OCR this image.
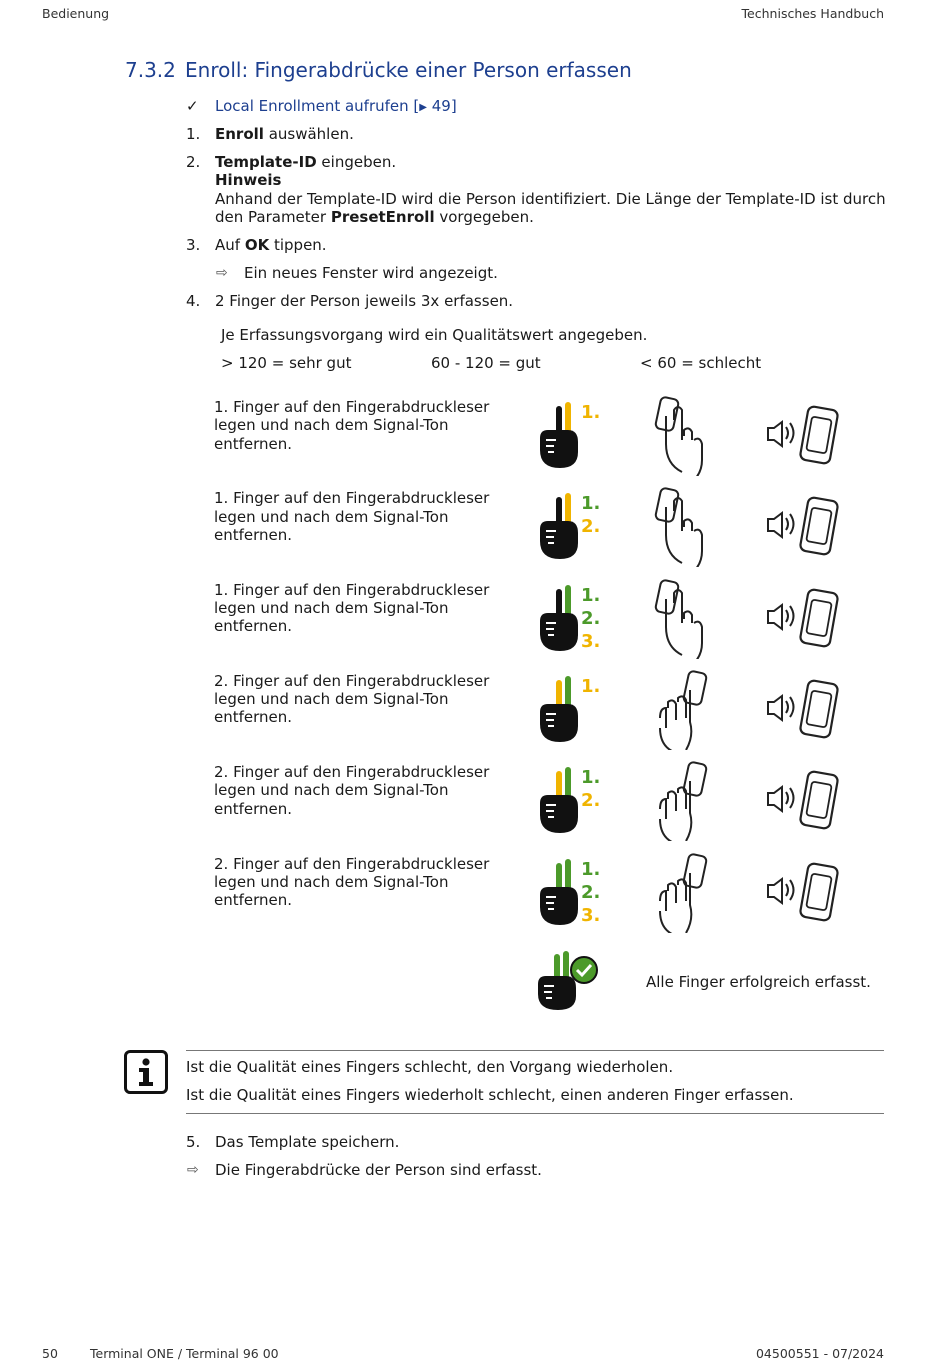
Bedienung	Technisches Handbuch
7.3.2 Enroll: Fingerabdrücke einer Person erfassen
✓	Local Enrollment aufrufen [▶ 49]
1. Enroll auswählen.
2. Template-ID eingeben.
Hinweis
Anhand der Template-ID wird die Person identifiziert. Die Länge der Template-ID ist durch
den Parameter PresetEnroll vorgegeben.
3. Auf OK tippen.
⇨ Ein neues Fenster wird angezeigt.
4. 2 Finger der Person jeweils 3x erfassen.
Je Erfassungsvorgang wird ein Qualitätswert angegeben.
> 120 = sehr gut	60 - 120 = gut	< 60 = schlecht
1. Finger auf den Fingerabdruckleser
legen und nach dem Signal-Ton
entfernen.
1.
1. Finger auf den Fingerabdruckleser
legen und nach dem Signal-Ton
entfernen.
1.
2.
1. Finger auf den Fingerabdruckleser
legen und nach dem Signal-Ton
entfernen.
1.
2.
3.
2. Finger auf den Fingerabdruckleser
legen und nach dem Signal-Ton
entfernen.
1.
2. Finger auf den Fingerabdruckleser
legen und nach dem Signal-Ton
entfernen.
1.
2.
2. Finger auf den Fingerabdruckleser
legen und nach dem Signal-Ton
entfernen.
1.
2.
3.
Alle Finger erfolgreich erfasst.
Ist die Qualität eines Fingers schlecht, den Vorgang wiederholen.
Ist die Qualität eines Fingers wiederholt schlecht, einen anderen Finger erfassen.
5. Das Template speichern.
⇨ Die Fingerabdrücke der Person sind erfasst.
50	Terminal ONE / Terminal 96 00	04500551 - 07/2024
